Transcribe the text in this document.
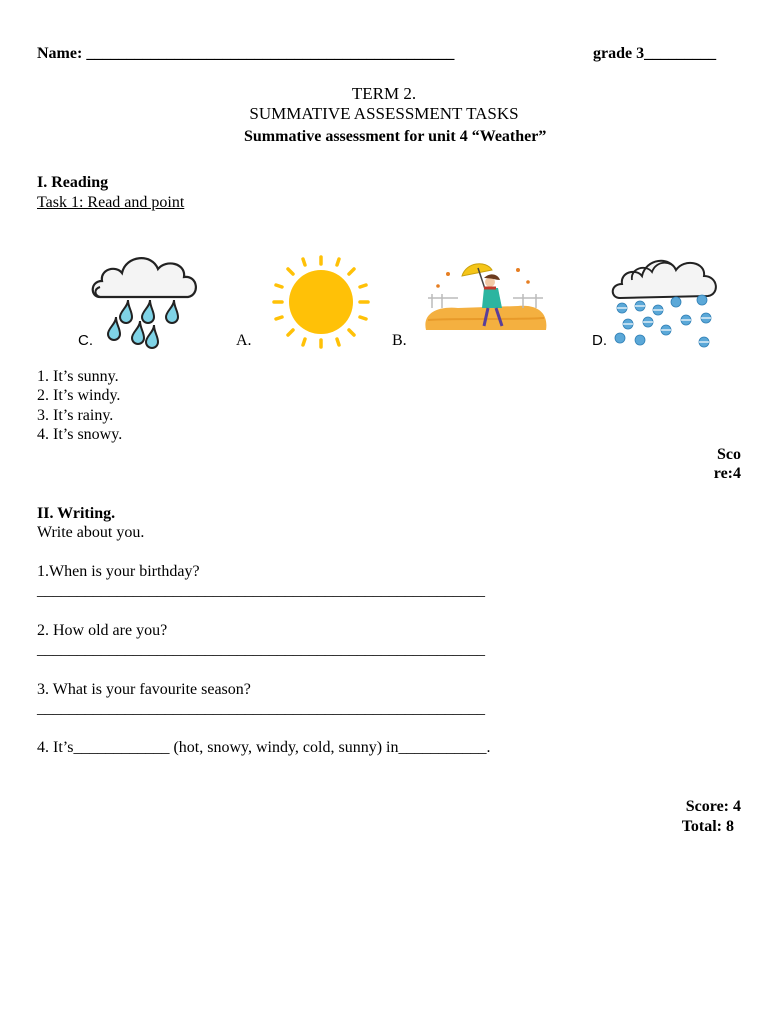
Name: ______________________________________________	grade 3_________
TERM 2.
SUMMATIVE ASSESSMENT TASKS
Summative assessment for unit 4 “Weather”
I. Reading
Task 1: Read and point
C.	A.	B.	D.
1. It’s sunny.
2. It’s windy.
3. It’s rainy.
4. It’s snowy.
Sco
re:4
II. Writing.
Write about you.
1.When is your birthday?
________________________________________________________
2. How old are you?
________________________________________________________
3. What is your favourite season?
________________________________________________________
4. It’s____________ (hot, snowy, windy, cold, sunny) in___________.
Score: 4
Total: 8
